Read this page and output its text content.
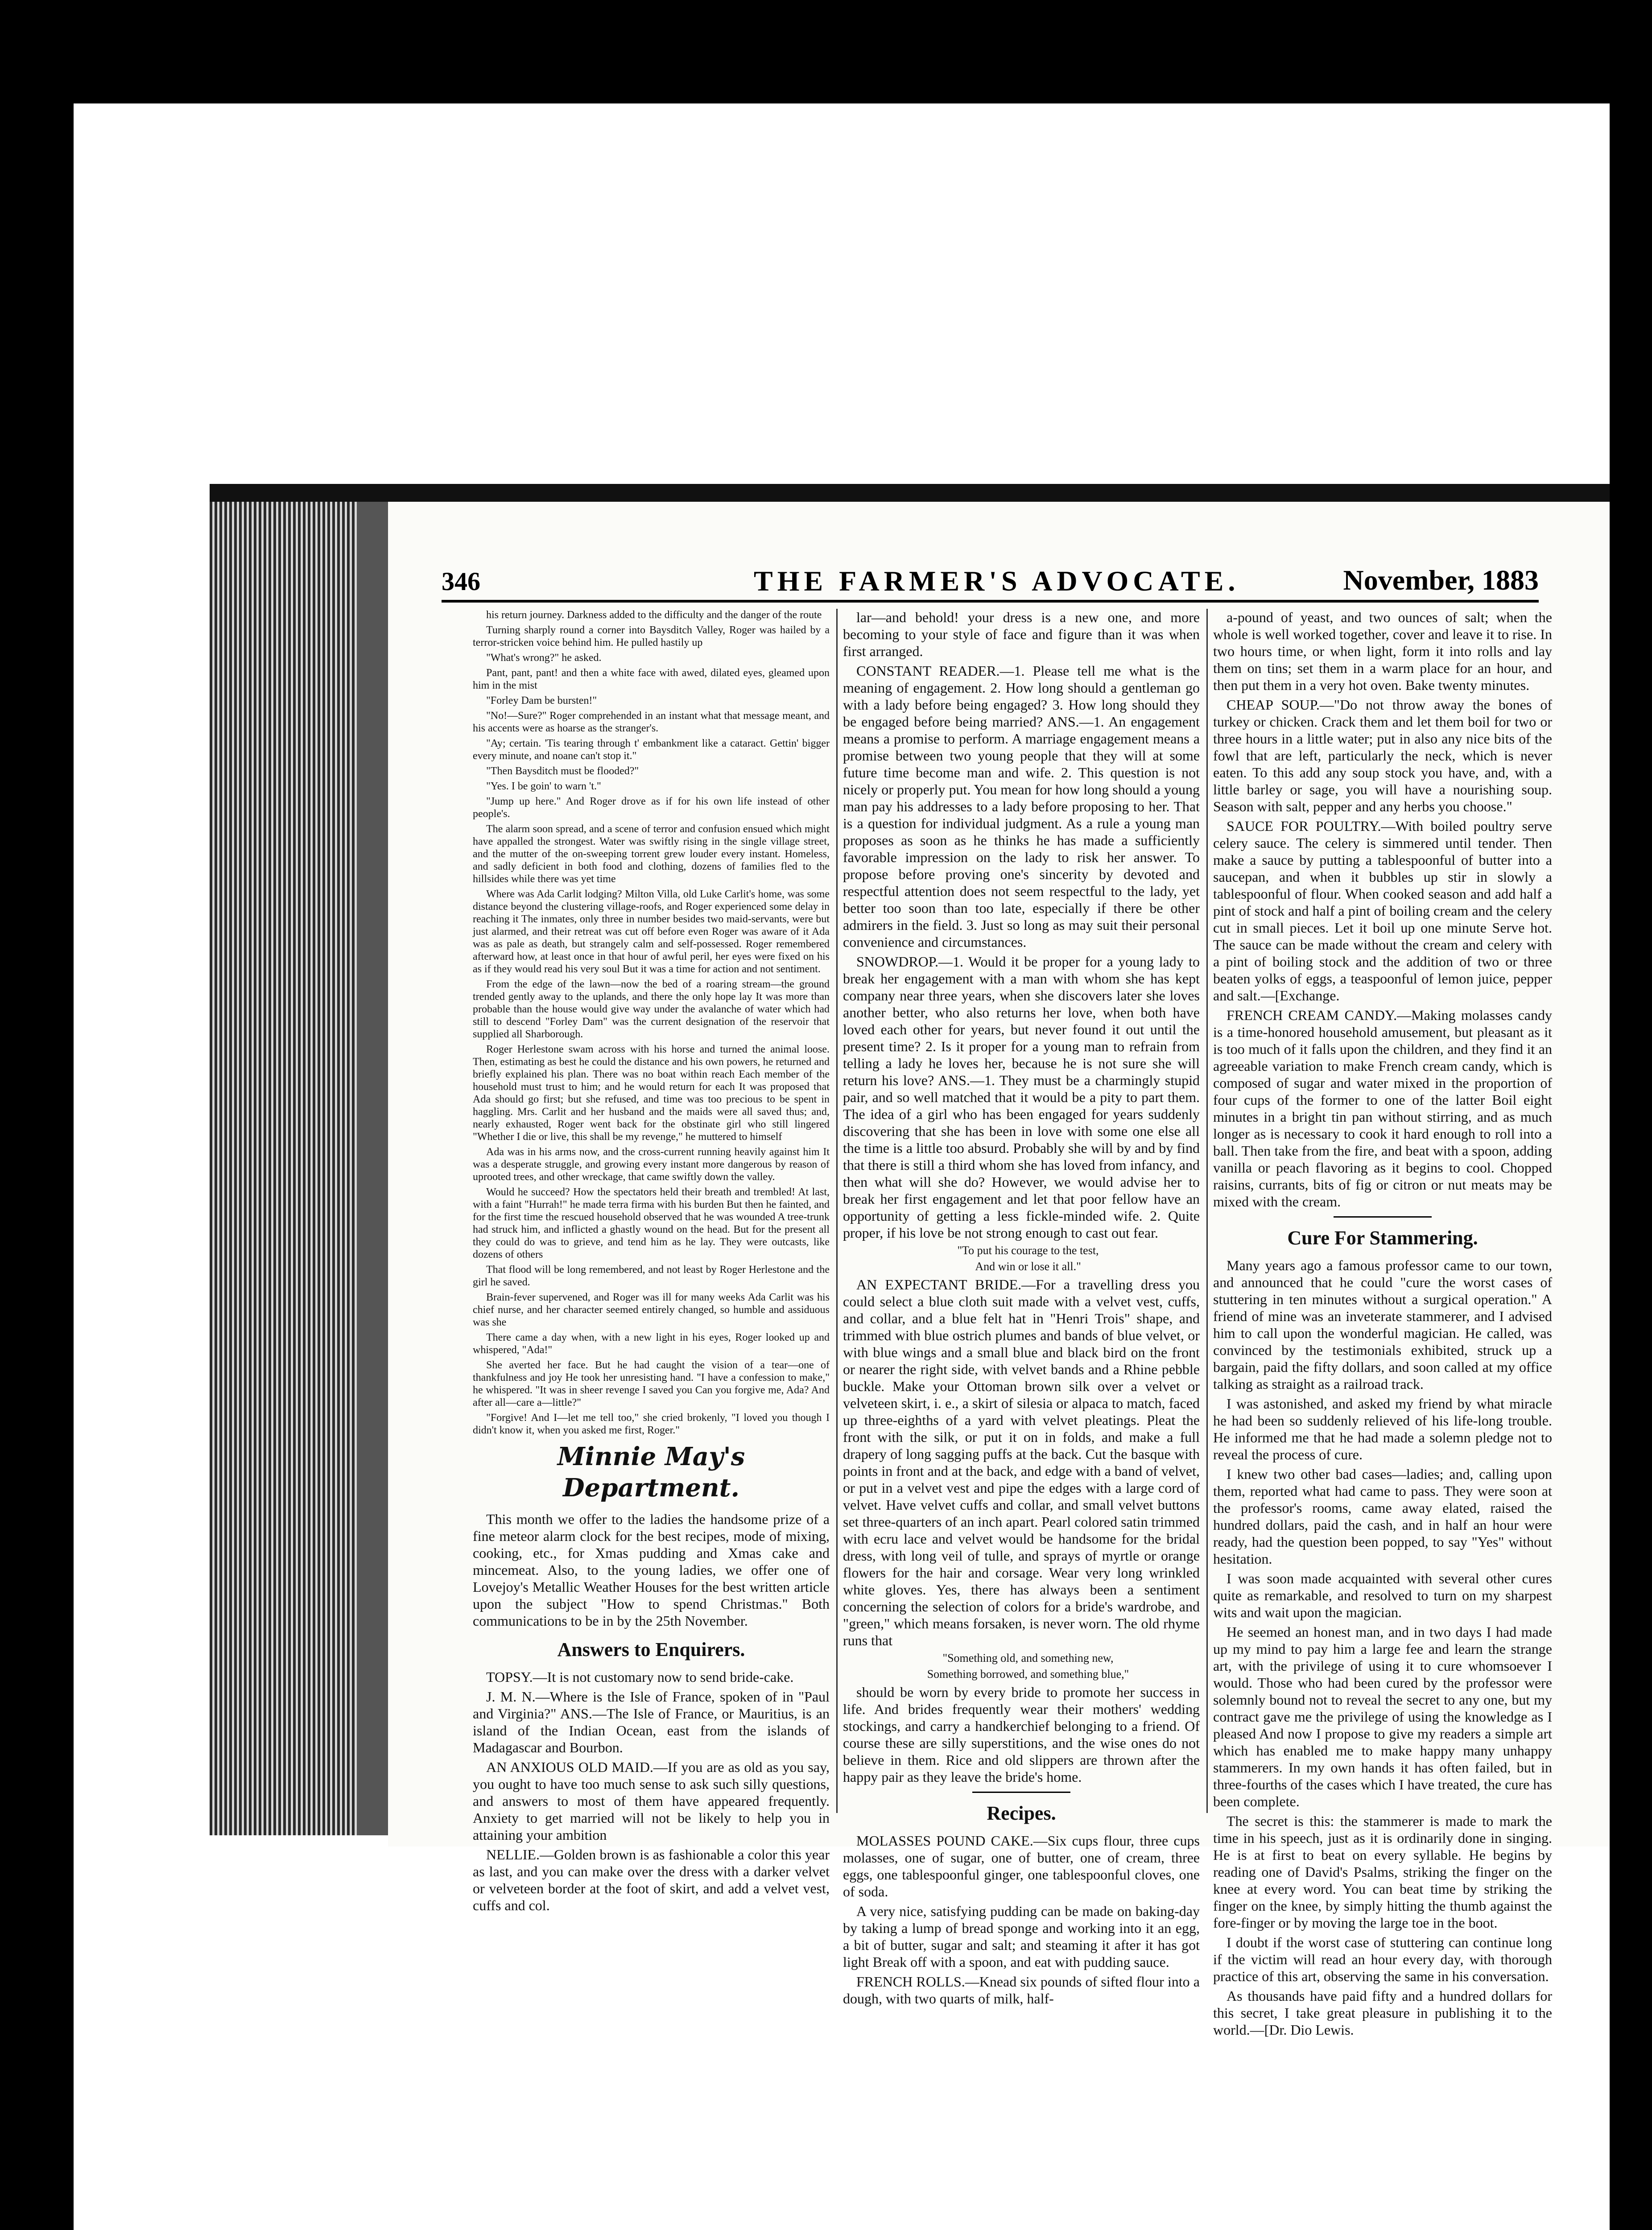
346	THE FARMER'S ADVOCATE.	November, 1883

his return journey. Darkness added to the difficulty and the danger of the route

Turning sharply round a corner into Baysditch Valley, Roger was hailed by a terror-stricken voice behind him. He pulled hastily up

"What's wrong?" he asked.

Pant, pant, pant! and then a white face with awed, dilated eyes, gleamed upon him in the mist

"Forley Dam be bursten!"

"No!—Sure?" Roger comprehended in an instant what that message meant, and his accents were as hoarse as the stranger's.

"Ay; certain. 'Tis tearing through t' embankment like a cataract. Gettin' bigger every minute, and noane can't stop it."

"Then Baysditch must be flooded?"

"Yes. I be goin' to warn 't."

"Jump up here." And Roger drove as if for his own life instead of other people's.

The alarm soon spread, and a scene of terror and confusion ensued which might have appalled the strongest. Water was swiftly rising in the single village street, and the mutter of the on-sweeping torrent grew louder every instant. Homeless, and sadly deficient in both food and clothing, dozens of families fled to the hillsides while there was yet time

Where was Ada Carlit lodging? Milton Villa, old Luke Carlit's home, was some distance beyond the clustering village-roofs, and Roger experienced some delay in reaching it The inmates, only three in number besides two maid-servants, were but just alarmed, and their retreat was cut off before even Roger was aware of it Ada was as pale as death, but strangely calm and self-possessed. Roger remembered afterward how, at least once in that hour of awful peril, her eyes were fixed on his as if they would read his very soul But it was a time for action and not sentiment.

From the edge of the lawn—now the bed of a roaring stream—the ground trended gently away to the uplands, and there the only hope lay It was more than probable than the house would give way under the avalanche of water which had still to descend "Forley Dam" was the current designation of the reservoir that supplied all Sharborough.

Roger Herlestone swam across with his horse and turned the animal loose. Then, estimating as best he could the distance and his own powers, he returned and briefly explained his plan. There was no boat within reach Each member of the household must trust to him; and he would return for each It was proposed that Ada should go first; but she refused, and time was too precious to be spent in haggling. Mrs. Carlit and her husband and the maids were all saved thus; and, nearly exhausted, Roger went back for the obstinate girl who still lingered "Whether I die or live, this shall be my revenge," he muttered to himself

Ada was in his arms now, and the cross-current running heavily against him It was a desperate struggle, and growing every instant more dangerous by reason of uprooted trees, and other wreckage, that came swiftly down the valley.

Would he succeed? How the spectators held their breath and trembled! At last, with a faint "Hurrah!" he made terra firma with his burden But then he fainted, and for the first time the rescued household observed that he was wounded A tree-trunk had struck him, and inflicted a ghastly wound on the head. But for the present all they could do was to grieve, and tend him as he lay. They were outcasts, like dozens of others

That flood will be long remembered, and not least by Roger Herlestone and the girl he saved.

Brain-fever supervened, and Roger was ill for many weeks Ada Carlit was his chief nurse, and her character seemed entirely changed, so humble and assiduous was she

There came a day when, with a new light in his eyes, Roger looked up and whispered, "Ada!"

She averted her face. But he had caught the vision of a tear—one of thankfulness and joy He took her unresisting hand. "I have a confession to make," he whispered. "It was in sheer revenge I saved you Can you forgive me, Ada? And after all—care a—little?"

"Forgive! And I—let me tell too," she cried brokenly, "I loved you though I didn't know it, when you asked me first, Roger."

Minnie May's Department.

This month we offer to the ladies the handsome prize of a fine meteor alarm clock for the best recipes, mode of mixing, cooking, etc., for Xmas pudding and Xmas cake and mincemeat. Also, to the young ladies, we offer one of Lovejoy's Metallic Weather Houses for the best written article upon the subject "How to spend Christmas." Both communications to be in by the 25th November.

Answers to Enquirers.

TOPSY.—It is not customary now to send bride-cake.

J. M. N.—Where is the Isle of France, spoken of in "Paul and Virginia?" ANS.—The Isle of France, or Mauritius, is an island of the Indian Ocean, east from the islands of Madagascar and Bourbon.

AN ANXIOUS OLD MAID.—If you are as old as you say, you ought to have too much sense to ask such silly questions, and answers to most of them have appeared frequently. Anxiety to get married will not be likely to help you in attaining your ambition

NELLIE.—Golden brown is as fashionable a color this year as last, and you can make over the dress with a darker velvet or velveteen border at the foot of skirt, and add a velvet vest, cuffs and col.

lar—and behold! your dress is a new one, and more becoming to your style of face and figure than it was when first arranged.

CONSTANT READER.—1. Please tell me what is the meaning of engagement. 2. How long should a gentleman go with a lady before being engaged? 3. How long should they be engaged before being married? ANS.—1. An engagement means a promise to perform. A marriage engagement means a promise between two young people that they will at some future time become man and wife. 2. This question is not nicely or properly put. You mean for how long should a young man pay his addresses to a lady before proposing to her. That is a question for individual judgment. As a rule a young man proposes as soon as he thinks he has made a sufficiently favorable impression on the lady to risk her answer. To propose before proving one's sincerity by devoted and respectful attention does not seem respectful to the lady, yet better too soon than too late, especially if there be other admirers in the field. 3. Just so long as may suit their personal convenience and circumstances.

SNOWDROP.—1. Would it be proper for a young lady to break her engagement with a man with whom she has kept company near three years, when she discovers later she loves another better, who also returns her love, when both have loved each other for years, but never found it out until the present time? 2. Is it proper for a young man to refrain from telling a lady he loves her, because he is not sure she will return his love? ANS.—1. They must be a charmingly stupid pair, and so well matched that it would be a pity to part them. The idea of a girl who has been engaged for years suddenly discovering that she has been in love with some one else all the time is a little too absurd. Probably she will by and by find that there is still a third whom she has loved from infancy, and then what will she do? However, we would advise her to break her first engagement and let that poor fellow have an opportunity of getting a less fickle-minded wife. 2. Quite proper, if his love be not strong enough to cast out fear.

"To put his courage to the test,

And win or lose it all."

AN EXPECTANT BRIDE.—For a travelling dress you could select a blue cloth suit made with a velvet vest, cuffs, and collar, and a blue felt hat in "Henri Trois" shape, and trimmed with blue ostrich plumes and bands of blue velvet, or with blue wings and a small blue and black bird on the front or nearer the right side, with velvet bands and a Rhine pebble buckle. Make your Ottoman brown silk over a velvet or velveteen skirt, i. e., a skirt of silesia or alpaca to match, faced up three-eighths of a yard with velvet pleatings. Pleat the front with the silk, or put it on in folds, and make a full drapery of long sagging puffs at the back. Cut the basque with points in front and at the back, and edge with a band of velvet, or put in a velvet vest and pipe the edges with a large cord of velvet. Have velvet cuffs and collar, and small velvet buttons set three-quarters of an inch apart. Pearl colored satin trimmed with ecru lace and velvet would be handsome for the bridal dress, with long veil of tulle, and sprays of myrtle or orange flowers for the hair and corsage. Wear very long wrinkled white gloves. Yes, there has always been a sentiment concerning the selection of colors for a bride's wardrobe, and "green," which means forsaken, is never worn. The old rhyme runs that

"Something old, and something new,

Something borrowed, and something blue,"

should be worn by every bride to promote her success in life. And brides frequently wear their mothers' wedding stockings, and carry a handkerchief belonging to a friend. Of course these are silly superstitions, and the wise ones do not believe in them. Rice and old slippers are thrown after the happy pair as they leave the bride's home.

Recipes.

MOLASSES POUND CAKE.—Six cups flour, three cups molasses, one of sugar, one of butter, one of cream, three eggs, one tablespoonful ginger, one tablespoonful cloves, one of soda.

A very nice, satisfying pudding can be made on baking-day by taking a lump of bread sponge and working into it an egg, a bit of butter, sugar and salt; and steaming it after it has got light Break off with a spoon, and eat with pudding sauce.

FRENCH ROLLS.—Knead six pounds of sifted flour into a dough, with two quarts of milk, half-

a-pound of yeast, and two ounces of salt; when the whole is well worked together, cover and leave it to rise. In two hours time, or when light, form it into rolls and lay them on tins; set them in a warm place for an hour, and then put them in a very hot oven. Bake twenty minutes.

CHEAP SOUP.—"Do not throw away the bones of turkey or chicken. Crack them and let them boil for two or three hours in a little water; put in also any nice bits of the fowl that are left, particularly the neck, which is never eaten. To this add any soup stock you have, and, with a little barley or sage, you will have a nourishing soup. Season with salt, pepper and any herbs you choose."

SAUCE FOR POULTRY.—With boiled poultry serve celery sauce. The celery is simmered until tender. Then make a sauce by putting a tablespoonful of butter into a saucepan, and when it bubbles up stir in slowly a tablespoonful of flour. When cooked season and add half a pint of stock and half a pint of boiling cream and the celery cut in small pieces. Let it boil up one minute Serve hot. The sauce can be made without the cream and celery with a pint of boiling stock and the addition of two or three beaten yolks of eggs, a teaspoonful of lemon juice, pepper and salt.—[Exchange.

FRENCH CREAM CANDY.—Making molasses candy is a time-honored household amusement, but pleasant as it is too much of it falls upon the children, and they find it an agreeable variation to make French cream candy, which is composed of sugar and water mixed in the proportion of four cups of the former to one of the latter Boil eight minutes in a bright tin pan without stirring, and as much longer as is necessary to cook it hard enough to roll into a ball. Then take from the fire, and beat with a spoon, adding vanilla or peach flavoring as it begins to cool. Chopped raisins, currants, bits of fig or citron or nut meats may be mixed with the cream.

Cure For Stammering.

Many years ago a famous professor came to our town, and announced that he could "cure the worst cases of stuttering in ten minutes without a surgical operation." A friend of mine was an inveterate stammerer, and I advised him to call upon the wonderful magician. He called, was convinced by the testimonials exhibited, struck up a bargain, paid the fifty dollars, and soon called at my office talking as straight as a railroad track.

I was astonished, and asked my friend by what miracle he had been so suddenly relieved of his life-long trouble. He informed me that he had made a solemn pledge not to reveal the process of cure.

I knew two other bad cases—ladies; and, calling upon them, reported what had came to pass. They were soon at the professor's rooms, came away elated, raised the hundred dollars, paid the cash, and in half an hour were ready, had the question been popped, to say "Yes" without hesitation.

I was soon made acquainted with several other cures quite as remarkable, and resolved to turn on my sharpest wits and wait upon the magician.

He seemed an honest man, and in two days I had made up my mind to pay him a large fee and learn the strange art, with the privilege of using it to cure whomsoever I would. Those who had been cured by the professor were solemnly bound not to reveal the secret to any one, but my contract gave me the privilege of using the knowledge as I pleased And now I propose to give my readers a simple art which has enabled me to make happy many unhappy stammerers. In my own hands it has often failed, but in three-fourths of the cases which I have treated, the cure has been complete.

The secret is this: the stammerer is made to mark the time in his speech, just as it is ordinarily done in singing. He is at first to beat on every syllable. He begins by reading one of David's Psalms, striking the finger on the knee at every word. You can beat time by striking the finger on the knee, by simply hitting the thumb against the fore-finger or by moving the large toe in the boot.

I doubt if the worst case of stuttering can continue long if the victim will read an hour every day, with thorough practice of this art, observing the same in his conversation.

As thousands have paid fifty and a hundred dollars for this secret, I take great pleasure in publishing it to the world.—[Dr. Dio Lewis.
